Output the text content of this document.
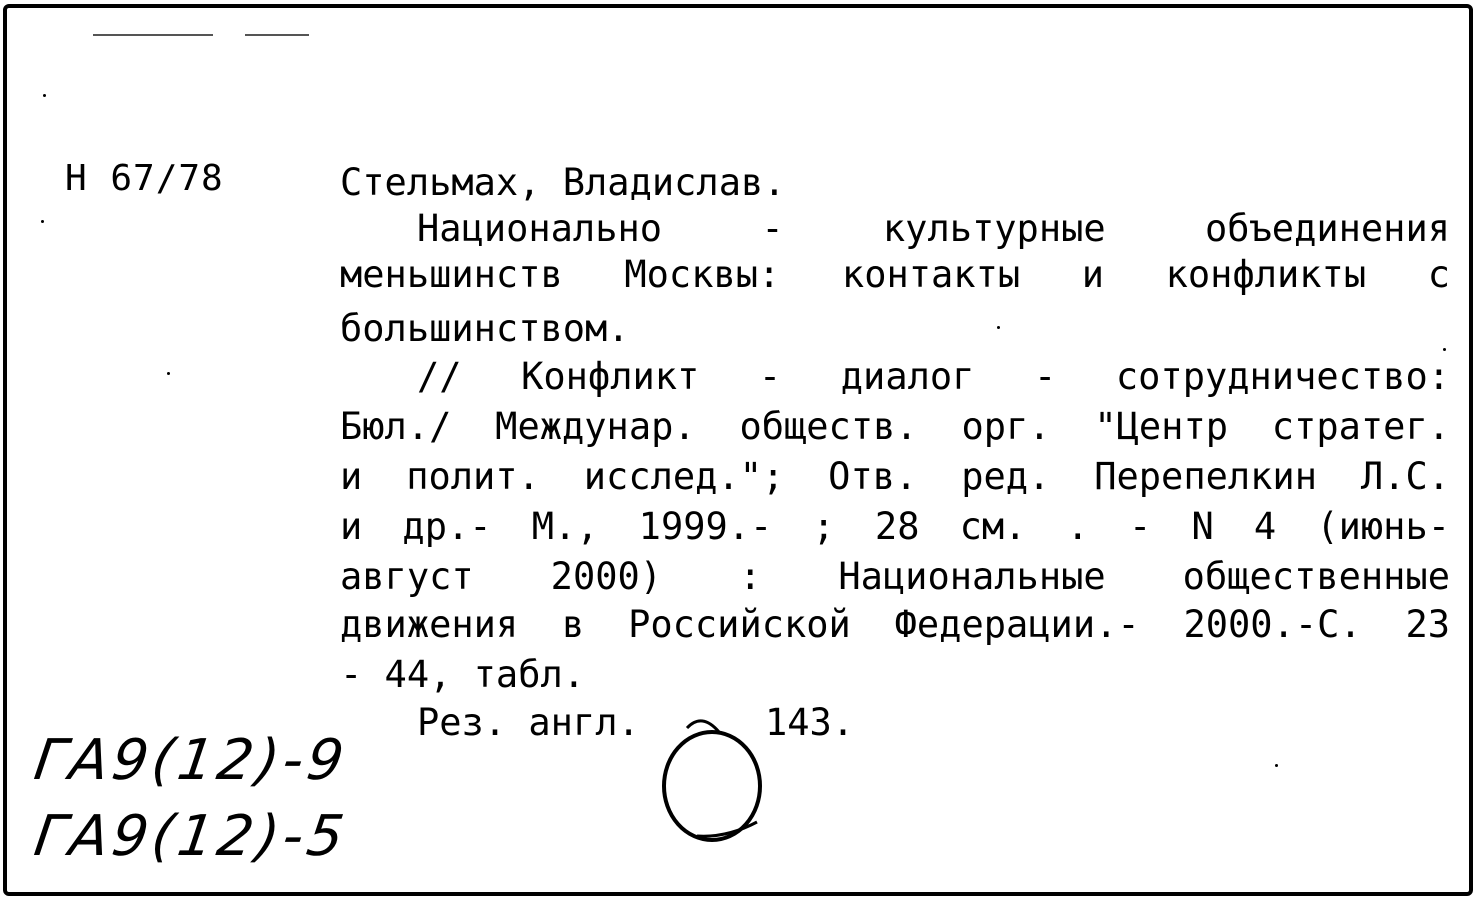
Н 67/78	Стельмах, Владислав.
Национально - культурные объединения
меньшинств Москвы: контакты и конфликты с
большинством.
// Конфликт - диалог - сотрудничество:
Бюл./ Междунар. обществ. орг. "Центр стратег.
и полит. исслед."; Отв. ред. Перепелкин Л.С.
и др.- М., 1999.- ; 28 см. . - N 4 (июнь-
август 2000) : Национальные общественные
движения в Российской Федерации.- 2000.-С. 23
- 44, табл.
Рез. англ.	143.
ГА9(12)-9
ГА9(12)-5
